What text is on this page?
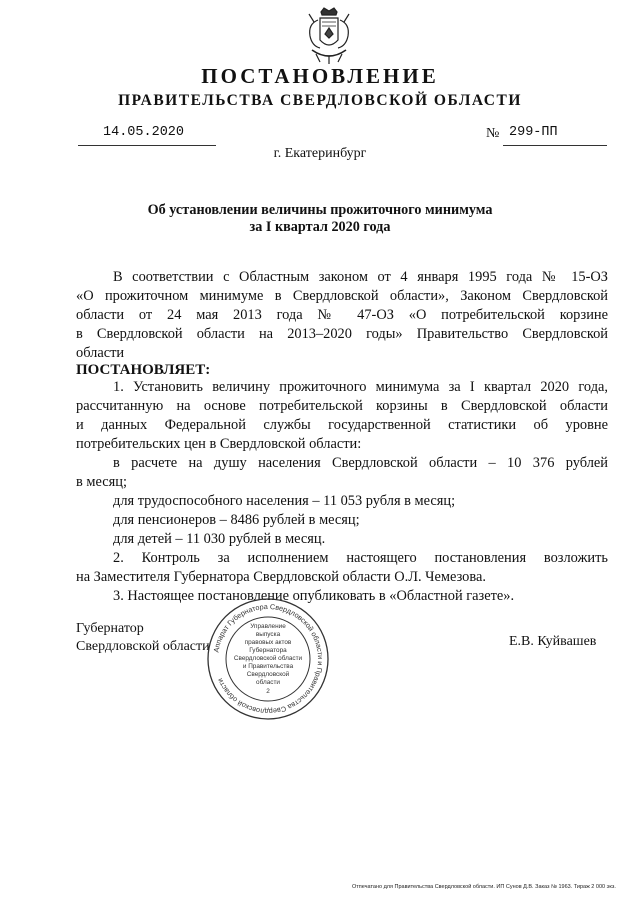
ПОСТАНОВЛЕНИЕ
ПРАВИТЕЛЬСТВА СВЕРДЛОВСКОЙ ОБЛАСТИ
14.05.2020	№ 299-ПП
г. Екатеринбург
Об установлении величины прожиточного минимума
за I квартал 2020 года
В соответствии с Областным законом от 4 января 1995 года № 15-ОЗ
«О прожиточном минимуме в Свердловской области», Законом Свердловской
области от 24 мая 2013 года № 47-ОЗ «О потребительской корзине
в Свердловской области на 2013–2020 годы» Правительство Свердловской
области
ПОСТАНОВЛЯЕТ:
1. Установить величину прожиточного минимума за I квартал 2020 года,
рассчитанную на основе потребительской корзины в Свердловской области
и данных Федеральной службы государственной статистики об уровне
потребительских цен в Свердловской области:
в расчете на душу населения Свердловской области – 10 376 рублей
в месяц;
для трудоспособного населения – 11 053 рубля в месяц;
для пенсионеров – 8486 рублей в месяц;
для детей – 11 030 рублей в месяц.
2. Контроль за исполнением настоящего постановления возложить
на Заместителя Губернатора Свердловской области О.Л. Чемезова.
3. Настоящее постановление опубликовать в «Областной газете».
Губернатор
Свердловской области	Е.В. Куйвашев
Аппарат Губернатора Свердловской области и Правительства Свердловской области
Управление
выпуска
правовых актов
Губернатора
Свердловской области
и Правительства
Свердловской
области
2
Отпечатано для Правительства Свердловской области. ИП Сунов Д.В. Заказ № 1963. Тираж 2 000 экз.
